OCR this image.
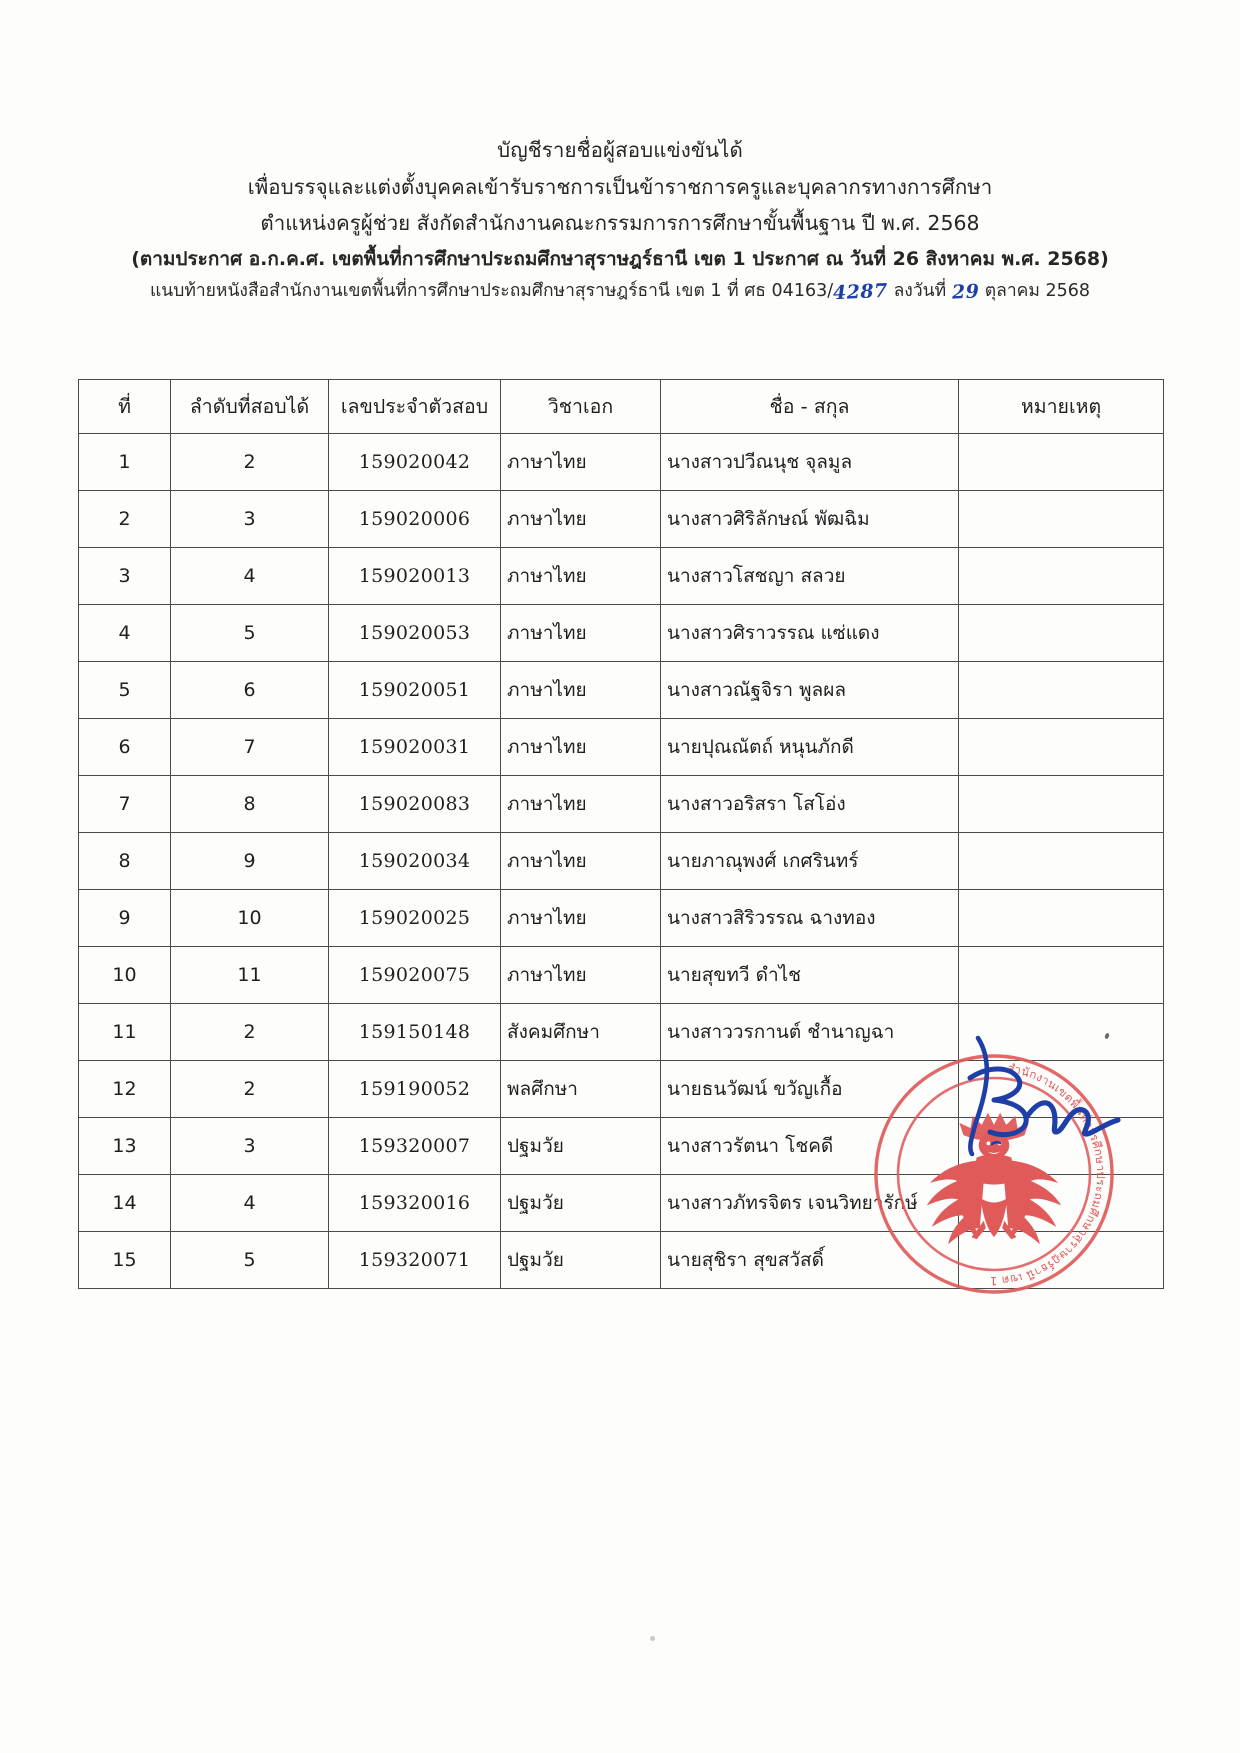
บัญชีรายชื่อผู้สอบแข่งขันได้
เพื่อบรรจุและแต่งตั้งบุคคลเข้ารับราชการเป็นข้าราชการครูและบุคลากรทางการศึกษา
ตำแหน่งครูผู้ช่วย สังกัดสำนักงานคณะกรรมการการศึกษาขั้นพื้นฐาน ปี พ.ศ. 2568
(ตามประกาศ อ.ก.ค.ศ. เขตพื้นที่การศึกษาประถมศึกษาสุราษฎร์ธานี เขต 1 ประกาศ ณ วันที่ 26 สิงหาคม พ.ศ. 2568)
แนบท้ายหนังสือสำนักงานเขตพื้นที่การศึกษาประถมศึกษาสุราษฎร์ธานี เขต 1 ที่ ศธ 04163/4287 ลงวันที่ 29 ตุลาคม 2568
ที่	ลำดับที่สอบได้	เลขประจำตัวสอบ	วิชาเอก	ชื่อ - สกุล	หมายเหตุ
1	2	159020042	ภาษาไทย	นางสาวปวีณนุช จุลมูล	
2	3	159020006	ภาษาไทย	นางสาวศิริลักษณ์ พัฒฉิม	
3	4	159020013	ภาษาไทย	นางสาวโสชญา สลวย	
4	5	159020053	ภาษาไทย	นางสาวศิราวรรณ แซ่แดง	
5	6	159020051	ภาษาไทย	นางสาวณัฐจิรา พูลผล	
6	7	159020031	ภาษาไทย	นายปุณณัตถ์ หนุนภักดี	
7	8	159020083	ภาษาไทย	นางสาวอริสรา โสโอ่ง	
8	9	159020034	ภาษาไทย	นายภาณุพงศ์ เกศรินทร์	
9	10	159020025	ภาษาไทย	นางสาวสิริวรรณ ฉางทอง	
10	11	159020075	ภาษาไทย	นายสุขทวี ดำไช	
11	2	159150148	สังคมศึกษา	นางสาววรกานต์ ชำนาญฉา	
12	2	159190052	พลศึกษา	นายธนวัฒน์ ขวัญเกื้อ	
13	3	159320007	ปฐมวัย	นางสาวรัตนา โชคดี	
14	4	159320016	ปฐมวัย	นางสาวภัทรจิตร เจนวิทยารักษ์	
15	5	159320071	ปฐมวัย	นายสุชิรา สุขสวัสดิ์	
สำนักงานเขตพื้นที่การศึกษาประถมศึกษาสุราษฎร์ธานี เขต 1
